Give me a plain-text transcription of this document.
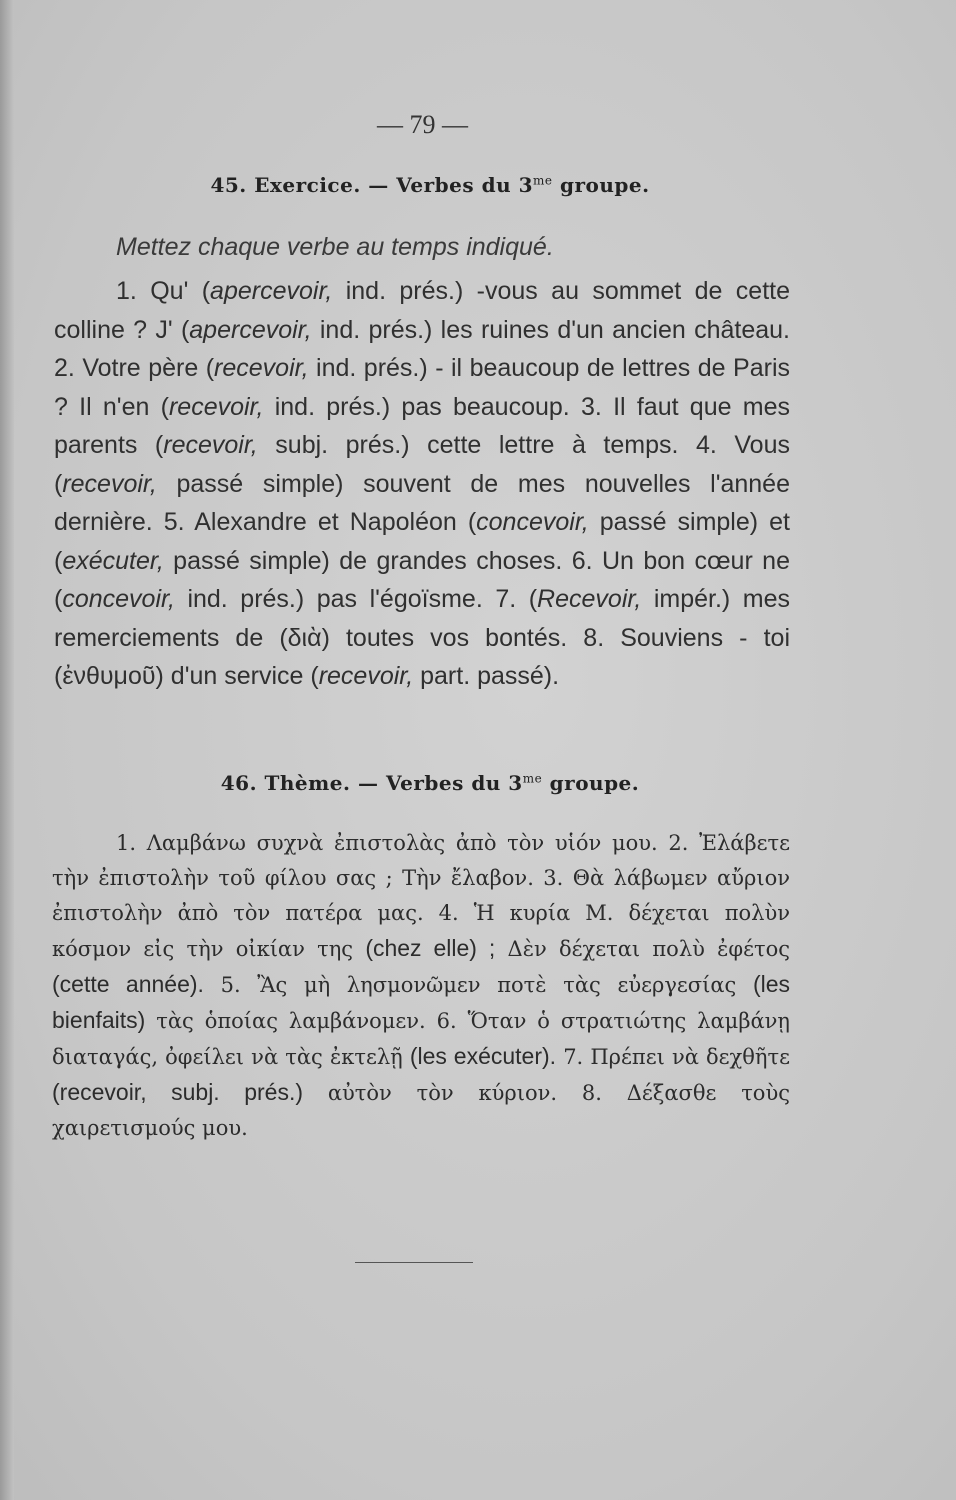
— 79 —
45. Exercice. — Verbes du $3^{me}$ groupe.
Mettez chaque verbe au temps indiqué.

1. Qu' (apercevoir, ind. prés.) -vous au sommet de cette colline ? J' (apercevoir, ind. prés.) les ruines d'un ancien château. 2. Votre père (recevoir, ind. prés.) - il beaucoup de lettres de Paris ? Il n'en (recevoir, ind. prés.) pas beaucoup. 3. Il faut que mes parents (recevoir, subj. prés.) cette lettre à temps. 4. Vous (recevoir, passé simple) souvent de mes nouvelles l'année dernière. 5. Alexandre et Napoléon (concevoir, passé simple) et (exécuter, passé simple) de grandes choses. 6. Un bon cœur ne (concevoir, ind. prés.) pas l'égoïsme. 7. (Recevoir, impér.) mes remerciements de (διὰ) toutes vos bontés. 8. Souviens - toi (ἐνθυμοῦ) d'un service (recevoir, part. passé).

46. Thème. — Verbes du $3^{me}$ groupe.

1. Λαμβάνω συχνὰ ἐπιστολὰς ἀπὸ τὸν υἱόν μου. 2. Ἐλάβετε τὴν ἐπιστολὴν τοῦ φίλου σας ; Τὴν ἔλαβον. 3. Θὰ λάβωμεν αὔριον ἐπιστολὴν ἀπὸ τὸν πατέρα μας. 4. Ἡ κυρία Μ. δέχεται πολὺν κόσμον εἰς τὴν οἰκίαν της (chez elle) ; Δὲν δέχεται πολὺ ἐφέτος (cette année). 5. Ἂς μὴ λησμονῶμεν ποτὲ τὰς εὐεργεσίας (les bienfaits) τὰς ὁποίας λαμβάνομεν. 6. Ὅταν ὁ στρατιώτης λαμβάνῃ διαταγάς, ὀφείλει νὰ τὰς ἐκτελῇ (les exécuter). 7. Πρέπει νὰ δεχθῆτε (recevoir, subj. prés.) αὐτὸν τὸν κύριον. 8. Δέξασθε τοὺς χαιρετισμούς μου.
